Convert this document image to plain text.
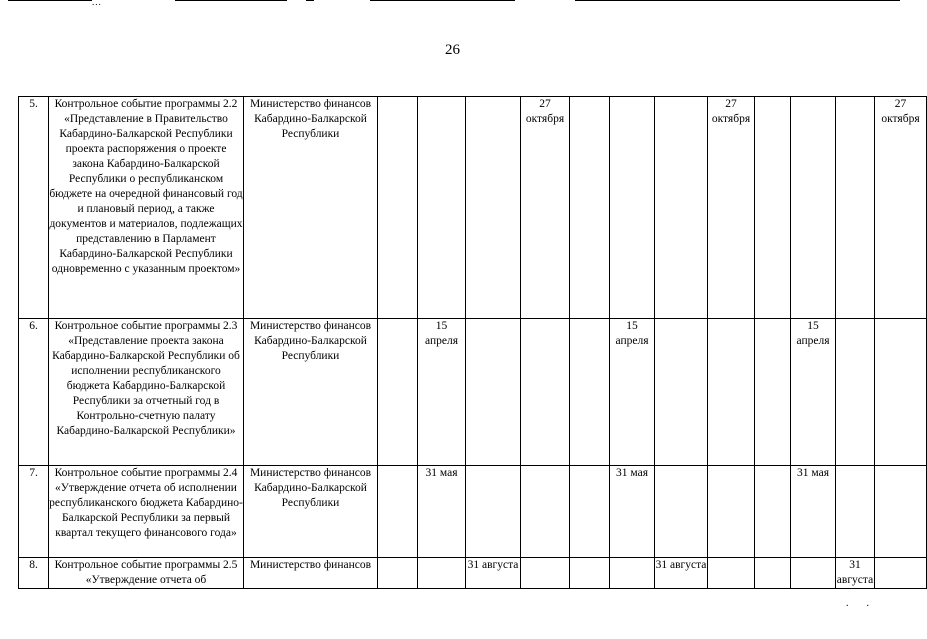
...
26
5.	Контрольное событие программы 2.2 «Представление в Правительство Кабардино-Балкарской Республики проекта распоряжения о проекте закона Кабардино-Балкарской Республики о республиканском бюджете на очередной финансовый год и плановый период, а также документов и материалов, подлежащих представлению в Парламент Кабардино-Балкарской Республики одновременно с указанным проектом»	Министерство финансов Кабардино-Балкарской Республики				27 октября				27 октября				27 октября
6.	Контрольное событие программы 2.3 «Представление проекта закона Кабардино-Балкарской Республики об исполнении республиканского бюджета Кабардино-Балкарской Республики за отчетный год в Контрольно-счетную палату Кабардино-Балкарской Республики»	Министерство финансов Кабардино-Балкарской Республики		15 апреля				15 апреля				15 апреля		
7.	Контрольное событие программы 2.4 «Утверждение отчета об исполнении республиканского бюджета Кабардино-Балкарской Республики за первый квартал текущего финансового года»	Министерство финансов Кабардино-Балкарской Республики		31 мая				31 мая				31 мая		
8.	Контрольное событие программы 2.5 «Утверждение отчета об	Министерство финансов			31 августа				31 августа				31 августа	
..
